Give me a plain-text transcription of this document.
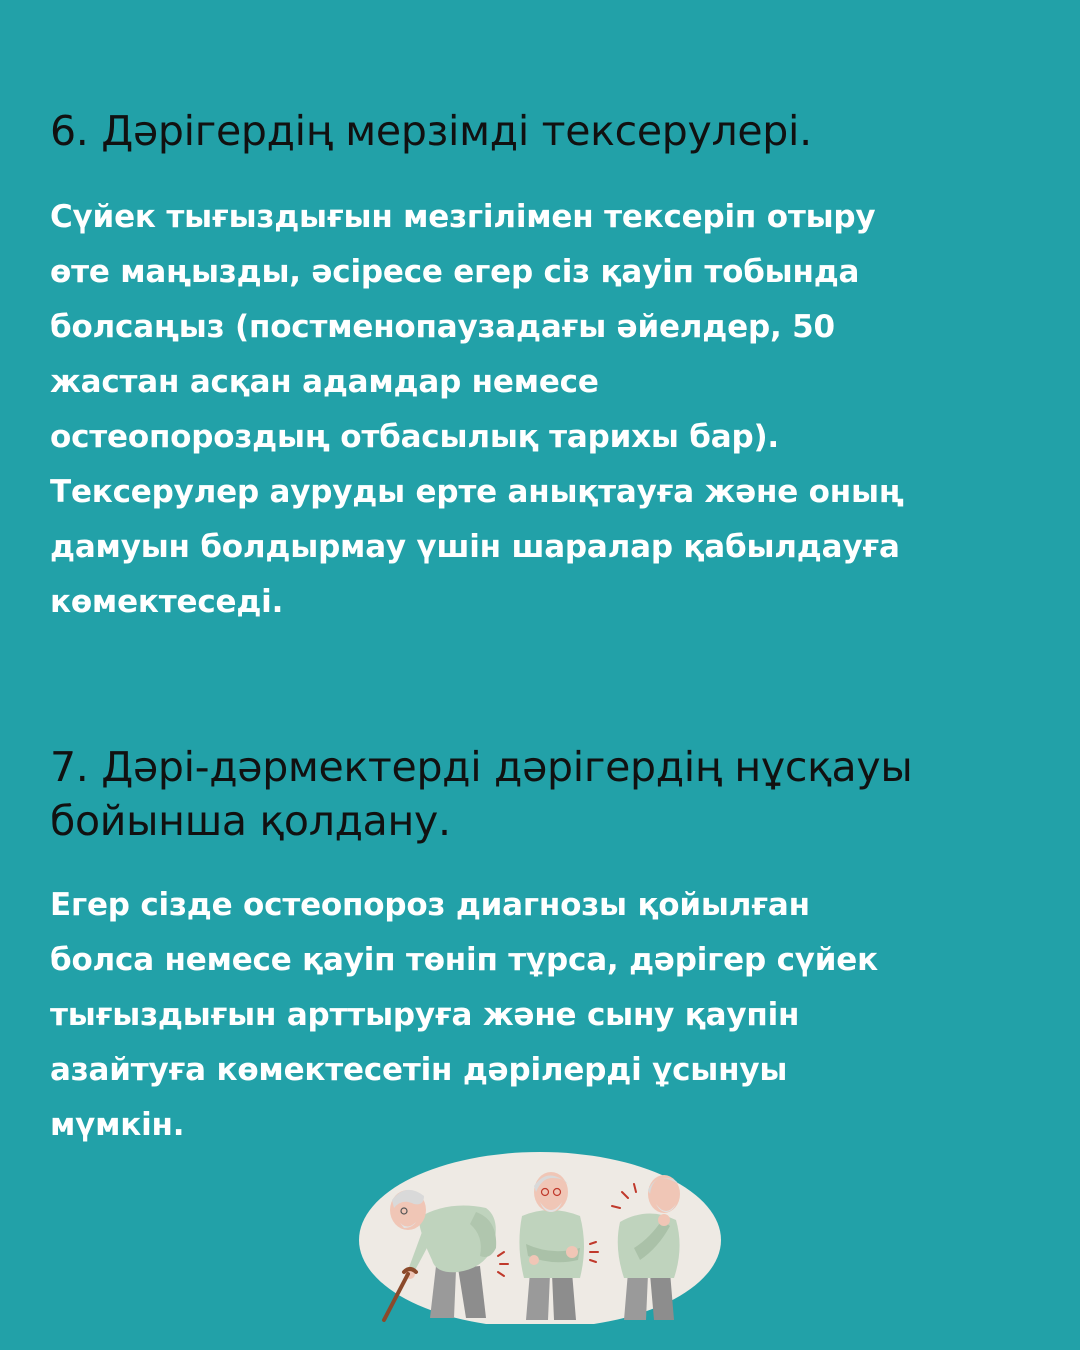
6. Дәрігердің мерзімді тексерулері.

Сүйек тығыздығын мезгілімен тексеріп отыру
өте маңызды, әсіресе егер сіз қауіп тобында
болсаңыз (постменопаузадағы әйелдер, 50
жастан асқан адамдар немесе
остеопороздың отбасылық тарихы бар).
Тексерулер ауруды ерте анықтауға және оның
дамуын болдырмау үшін шаралар қабылдауға
көмектеседі.

7. Дәрі-дәрмектерді дәрігердің нұсқауы
бойынша қолдану.

Егер сізде остеопороз диагнозы қойылған
болса немесе қауіп төніп тұрса, дәрігер сүйек
тығыздығын арттыруға және сыну қаупін
азайтуға көмектесетін дәрілерді ұсынуы
мүмкін.
